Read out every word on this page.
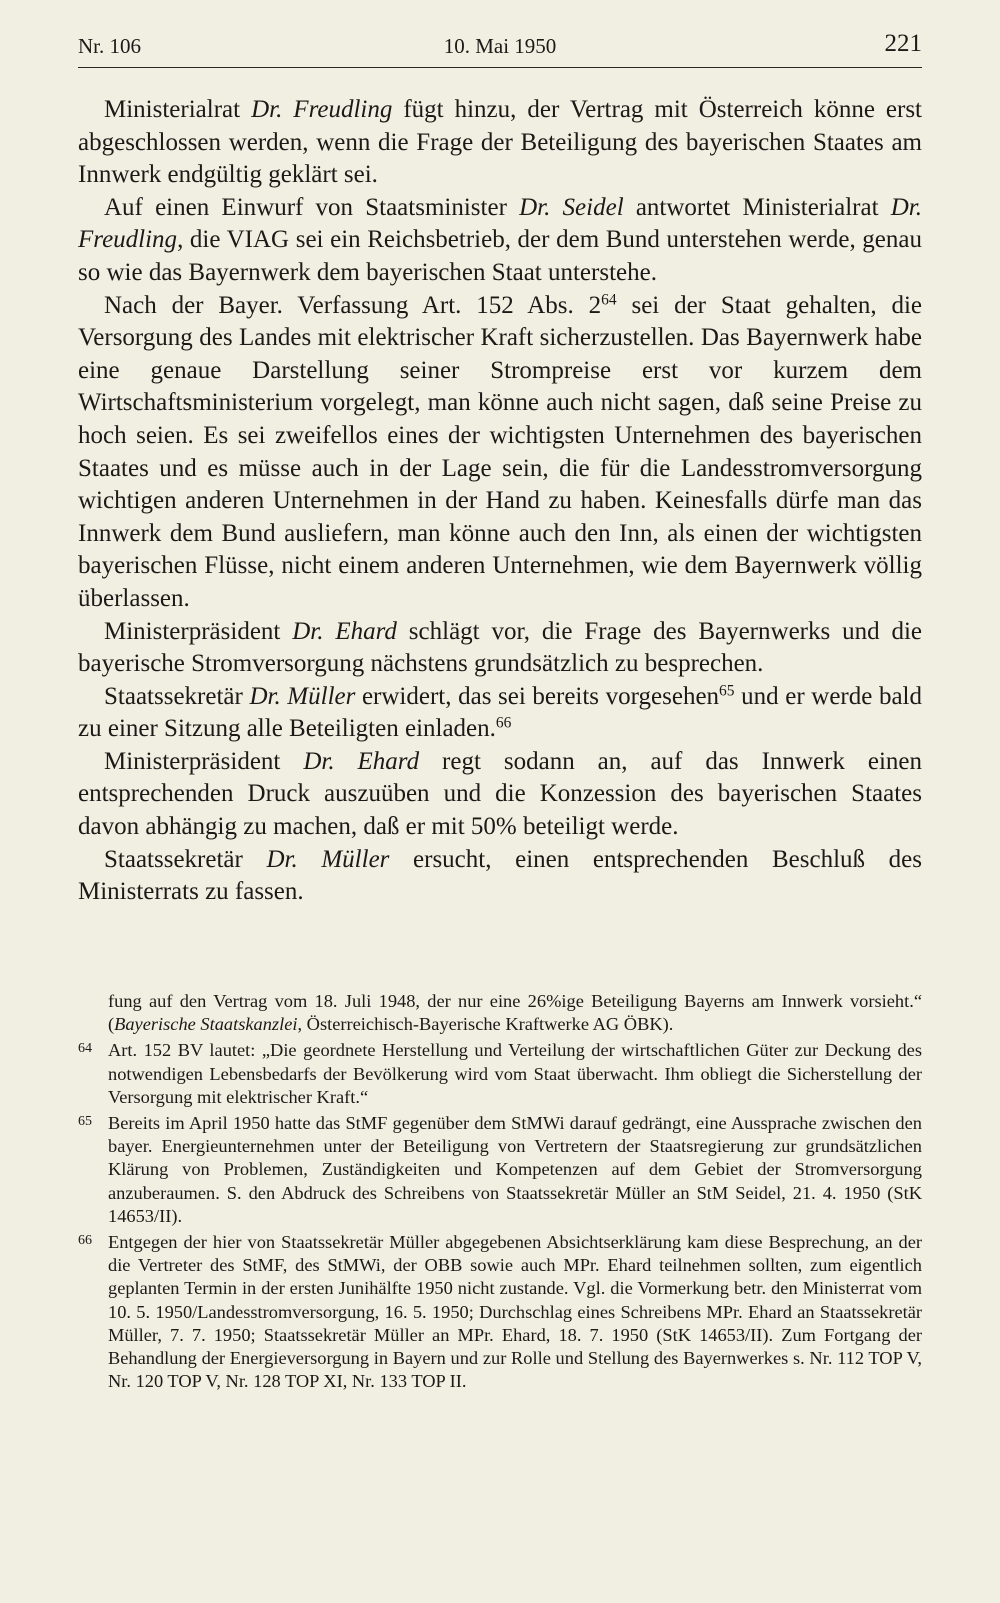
Nr. 106	10. Mai 1950	221

Ministerialrat Dr. Freudling fügt hinzu, der Vertrag mit Österreich könne erst abgeschlossen werden, wenn die Frage der Beteiligung des bayerischen Staates am Innwerk endgültig geklärt sei.

Auf einen Einwurf von Staatsminister Dr. Seidel antwortet Ministerialrat Dr. Freudling, die VIAG sei ein Reichsbetrieb, der dem Bund unterstehen werde, genau so wie das Bayernwerk dem bayerischen Staat unterstehe.

Nach der Bayer. Verfassung Art. 152 Abs. $2^{64}$ sei der Staat gehalten, die Versorgung des Landes mit elektrischer Kraft sicherzustellen. Das Bayernwerk habe eine genaue Darstellung seiner Strompreise erst vor kurzem dem Wirtschaftsministerium vorgelegt, man könne auch nicht sagen, daß seine Preise zu hoch seien. Es sei zweifellos eines der wichtigsten Unternehmen des bayerischen Staates und es müsse auch in der Lage sein, die für die Landesstromversorgung wichtigen anderen Unternehmen in der Hand zu haben. Keinesfalls dürfe man das Innwerk dem Bund ausliefern, man könne auch den Inn, als einen der wichtigsten bayerischen Flüsse, nicht einem anderen Unternehmen, wie dem Bayernwerk völlig überlassen.

Ministerpräsident Dr. Ehard schlägt vor, die Frage des Bayernwerks und die bayerische Stromversorgung nächstens grundsätzlich zu besprechen.

Staatssekretär Dr. Müller erwidert, das sei bereits vorgesehen$^{65}$ und er werde bald zu einer Sitzung alle Beteiligten einladen.$^{66}$

Ministerpräsident Dr. Ehard regt sodann an, auf das Innwerk einen entsprechenden Druck auszuüben und die Konzession des bayerischen Staates davon abhängig zu machen, daß er mit 50% beteiligt werde.

Staatssekretär Dr. Müller ersucht, einen entsprechenden Beschluß des Ministerrats zu fassen.

fung auf den Vertrag vom 18. Juli 1948, der nur eine 26%ige Beteiligung Bayerns am Innwerk vorsieht.“ (Bayerische Staatskanzlei, Österreichisch-Bayerische Kraftwerke AG ÖBK).

64 Art. 152 BV lautet: „Die geordnete Herstellung und Verteilung der wirtschaftlichen Güter zur Deckung des notwendigen Lebensbedarfs der Bevölkerung wird vom Staat überwacht. Ihm obliegt die Sicherstellung der Versorgung mit elektrischer Kraft.“
65 Bereits im April 1950 hatte das StMF gegenüber dem StMWi darauf gedrängt, eine Aussprache zwischen den bayer. Energieunternehmen unter der Beteiligung von Vertretern der Staatsregierung zur grundsätzlichen Klärung von Problemen, Zuständigkeiten und Kompetenzen auf dem Gebiet der Stromversorgung anzuberaumen. S. den Abdruck des Schreibens von Staatssekretär Müller an StM Seidel, 21. 4. 1950 (StK 14653/II).
66 Entgegen der hier von Staatssekretär Müller abgegebenen Absichtserklärung kam diese Besprechung, an der die Vertreter des StMF, des StMWi, der OBB sowie auch MPr. Ehard teilnehmen sollten, zum eigentlich geplanten Termin in der ersten Junihälfte 1950 nicht zustande. Vgl. die Vormerkung betr. den Ministerrat vom 10. 5. 1950/Landesstromversorgung, 16. 5. 1950; Durchschlag eines Schreibens MPr. Ehard an Staatssekretär Müller, 7. 7. 1950; Staatssekretär Müller an MPr. Ehard, 18. 7. 1950 (StK 14653/II). Zum Fortgang der Behandlung der Energieversorgung in Bayern und zur Rolle und Stellung des Bayernwerkes s. Nr. 112 TOP V, Nr. 120 TOP V, Nr. 128 TOP XI, Nr. 133 TOP II.
